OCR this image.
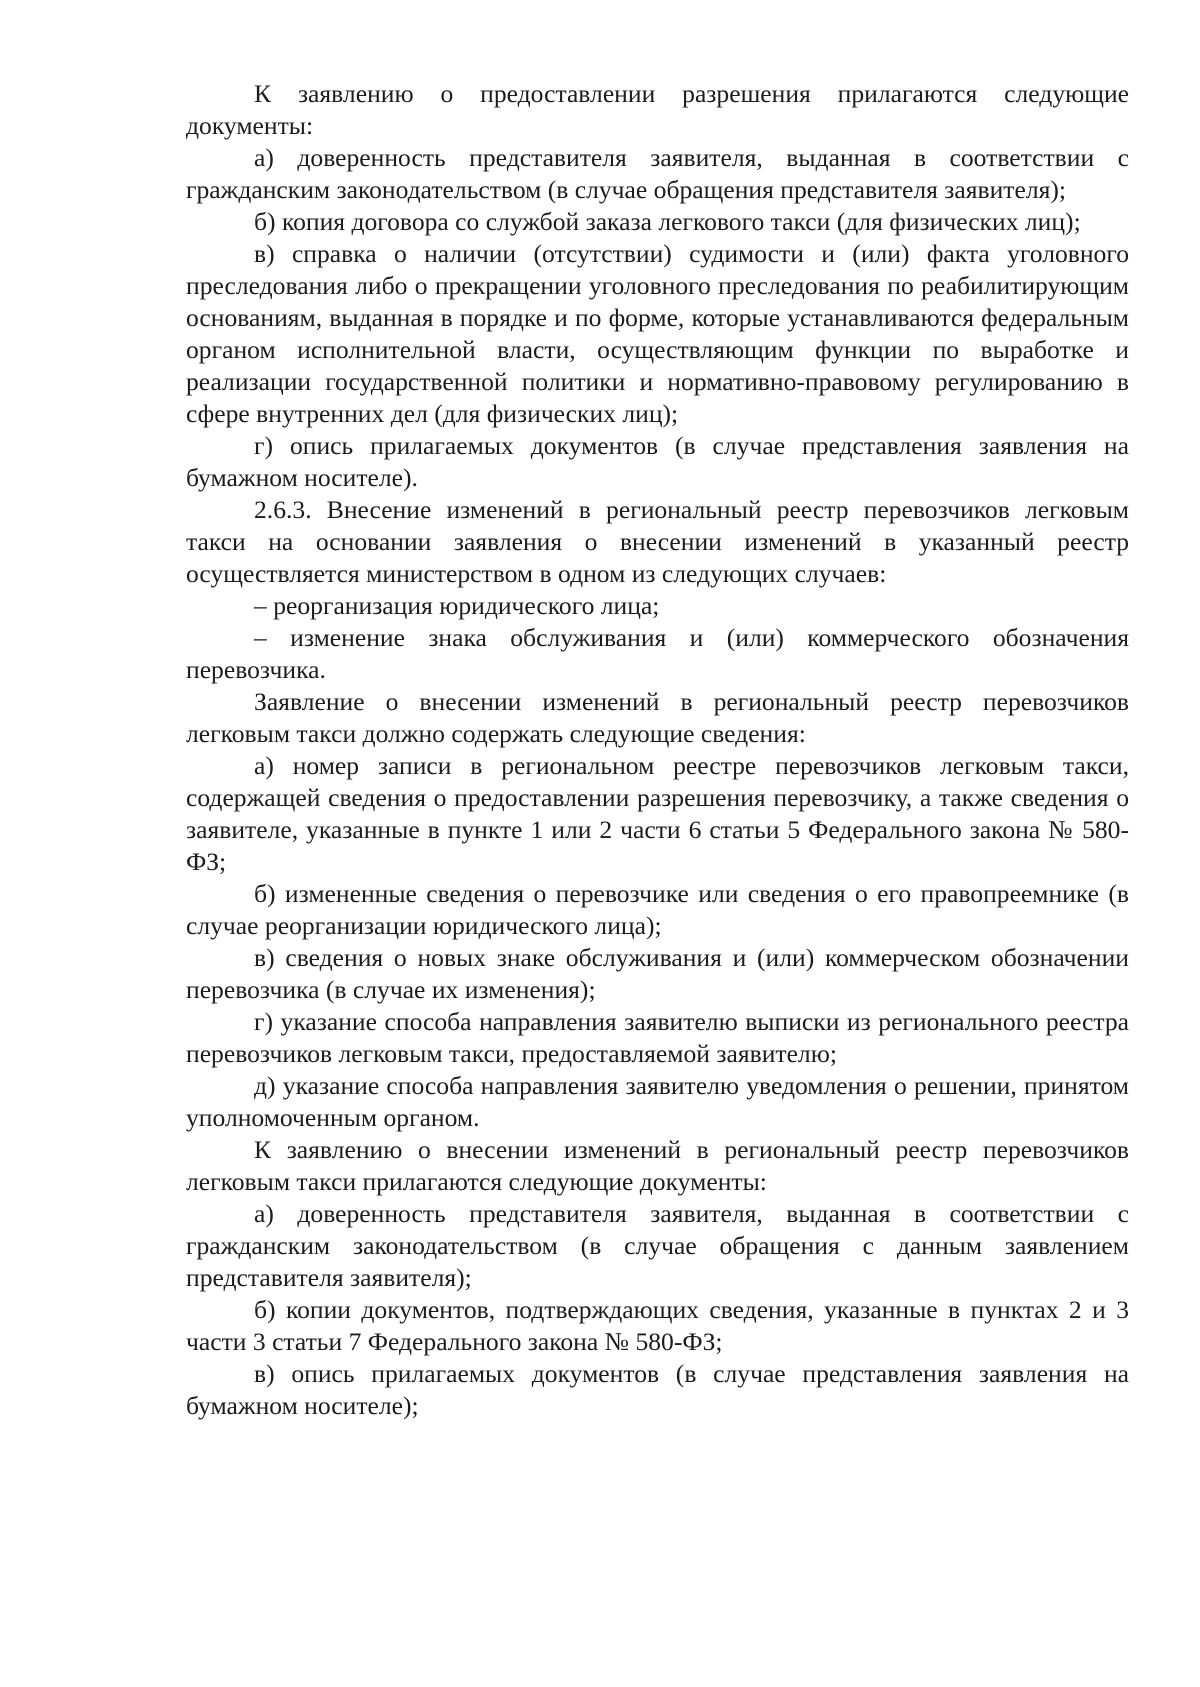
К заявлению о предоставлении разрешения прилагаются следующие документы:

а) доверенность представителя заявителя, выданная в соответствии с гражданским законодательством (в случае обращения представителя заявителя);

б) копия договора со службой заказа легкового такси (для физических лиц);

в) справка о наличии (отсутствии) судимости и (или) факта уголовного преследования либо о прекращении уголовного преследования по реабилитирующим основаниям, выданная в порядке и по форме, которые устанавливаются федеральным органом исполнительной власти, осуществляющим функции по выработке и реализации государственной политики и нормативно-правовому регулированию в сфере внутренних дел (для физических лиц);

г) опись прилагаемых документов (в случае представления заявления на бумажном носителе).

2.6.3. Внесение изменений в региональный реестр перевозчиков легковым такси на основании заявления о внесении изменений в указанный реестр осуществляется министерством в одном из следующих случаев:

– реорганизация юридического лица;

– изменение знака обслуживания и (или) коммерческого обозначения перевозчика.

Заявление о внесении изменений в региональный реестр перевозчиков легковым такси должно содержать следующие сведения:

а) номер записи в региональном реестре перевозчиков легковым такси, содержащей сведения о предоставлении разрешения перевозчику, а также сведения о заявителе, указанные в пункте 1 или 2 части 6 статьи 5 Федерального закона № 580-ФЗ;

б) измененные сведения о перевозчике или сведения о его правопреемнике (в случае реорганизации юридического лица);

в) сведения о новых знаке обслуживания и (или) коммерческом обозначении перевозчика (в случае их изменения);

г) указание способа направления заявителю выписки из регионального реестра перевозчиков легковым такси, предоставляемой заявителю;

д) указание способа направления заявителю уведомления о решении, принятом уполномоченным органом.

К заявлению о внесении изменений в региональный реестр перевозчиков легковым такси прилагаются следующие документы:

а) доверенность представителя заявителя, выданная в соответствии с гражданским законодательством (в случае обращения с данным заявлением представителя заявителя);

б) копии документов, подтверждающих сведения, указанные в пунктах 2 и 3 части 3 статьи 7 Федерального закона № 580-ФЗ;

в) опись прилагаемых документов (в случае представления заявления на бумажном носителе);
